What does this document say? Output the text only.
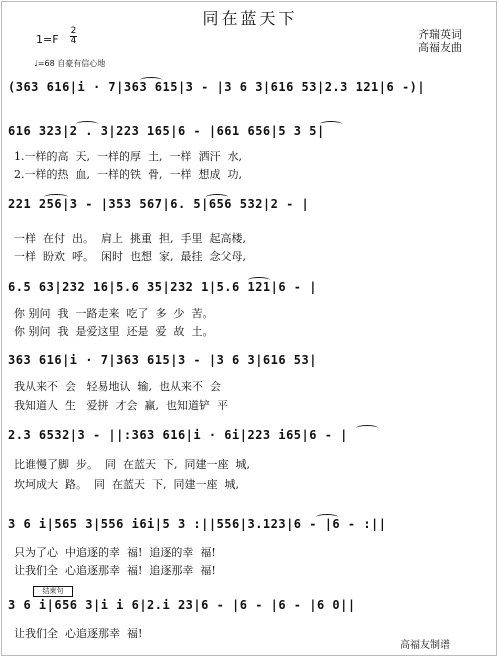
同在蓝天下
1=F
2
4	齐瑞英词
高福友曲
♩=68 自豪有信心地
(363 616|i · 7|363 615|3 - |3 6 3|616 53|2.3 121|6 -)|
616 323|2 . 3|223 165|6 - |661 656|5 3 5|
1.一样的高  天,  一样的厚  土,  一样  洒汗  水,
2.一样的热  血,  一样的铁  骨,  一样  想成  功,
221 256|3 - |353 567|6. 5|656 532|2 - |
一样  在付  出。  肩上  挑重  担,  手里  起高楼,
一样  盼欢  呼。  闲时  也想  家,  最挂  念父母,
6.5 63|232 16|5.6 35|232 1|5.6 121|6 - |
你 别问  我  一路走来  吃了  多  少  苦。
你 别问  我  是爱这里  还是  爱  故  土。
363 616|i · 7|363 615|3 - |3 6 3|616 53|
我从来不  会   轻易地认  输,  也从来不  会
我知道人  生   爱拼  才会  赢,  也知道铲  平
2.3 6532|3 - ||:363 616|i · 6i|223 i65|6 - |
比谁慢了脚  步。  同  在蓝天  下,  同建一座  城,
坎坷成大  路。  同  在蓝天  下,  同建一座  城,
3 6 i|565 3|556 i6i|5 3 :||556|3.123|6 - |6 - :||
只为了心  中追逐的幸  福!  追逐的幸  福!
让我们全  心追逐那幸  福!  追逐那幸  福!
结束句
3 6 i|656 3|i i 6|2.i 23|6 - |6 - |6 - |6 0||
让我们全  心追逐那幸  福!
高福友制谱
